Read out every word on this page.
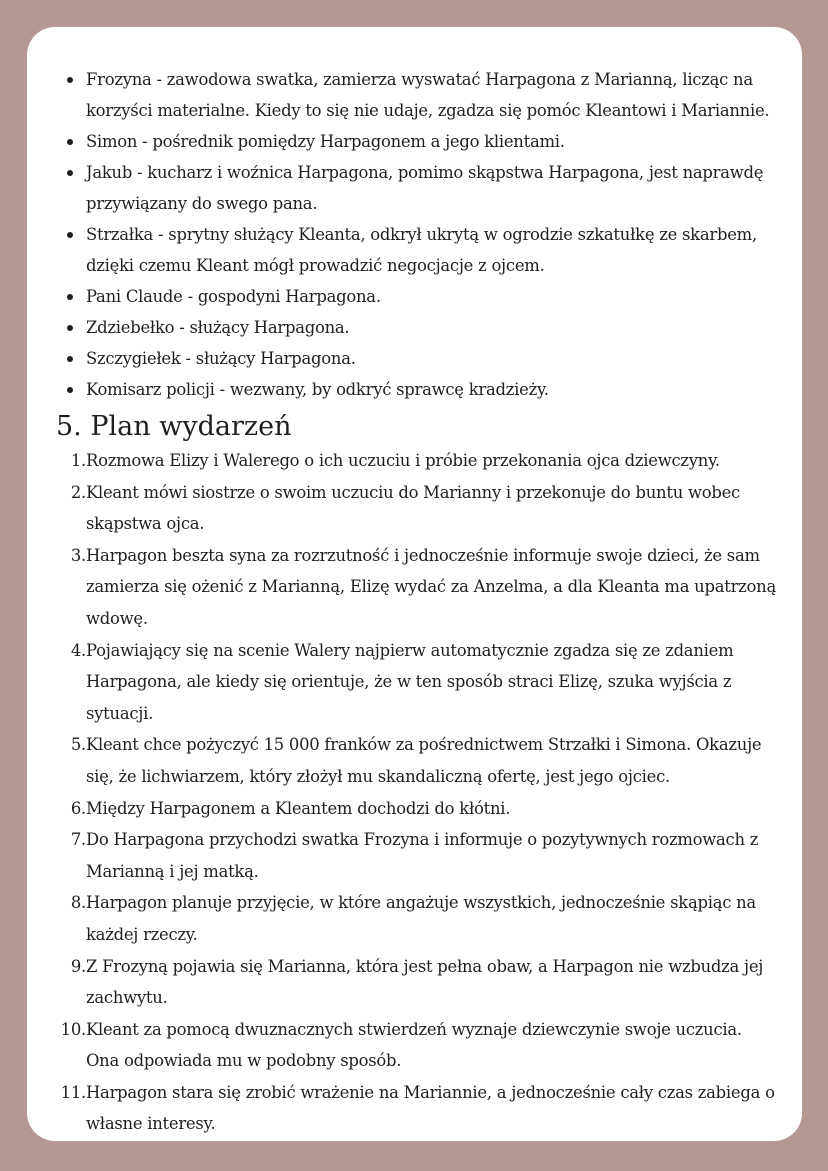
Frozyna - zawodowa swatka, zamierza wyswatać Harpagona z Marianną, licząc na korzyści materialne. Kiedy to się nie udaje, zgadza się pomóc Kleantowi i Mariannie.
Simon - pośrednik pomiędzy Harpagonem a jego klientami.
Jakub - kucharz i woźnica Harpagona, pomimo skąpstwa Harpagona, jest naprawdę przywiązany do swego pana.
Strzałka - sprytny służący Kleanta, odkrył ukrytą w ogrodzie szkatułkę ze skarbem, dzięki czemu Kleant mógł prowadzić negocjacje z ojcem.
Pani Claude - gospodyni Harpagona.
Zdziebełko - służący Harpagona.
Szczygiełek - służący Harpagona.
Komisarz policji - wezwany, by odkryć sprawcę kradzieży.
5. Plan wydarzeń
1. Rozmowa Elizy i Walerego o ich uczuciu i próbie przekonania ojca dziewczyny.
2. Kleant mówi siostrze o swoim uczuciu do Marianny i przekonuje do buntu wobec skąpstwa ojca.
3. Harpagon beszta syna za rozrzutność i jednocześnie informuje swoje dzieci, że sam zamierza się ożenić z Marianną, Elizę wydać za Anzelma, a dla Kleanta ma upatrzoną wdowę.
4. Pojawiający się na scenie Walery najpierw automatycznie zgadza się ze zdaniem Harpagona, ale kiedy się orientuje, że w ten sposób straci Elizę, szuka wyjścia z sytuacji.
5. Kleant chce pożyczyć 15 000 franków za pośrednictwem Strzałki i Simona. Okazuje się, że lichwiarzem, który złożył mu skandaliczną ofertę, jest jego ojciec.
6. Między Harpagonem a Kleantem dochodzi do kłótni.
7. Do Harpagona przychodzi swatka Frozyna i informuje o pozytywnych rozmowach z Marianną i jej matką.
8. Harpagon planuje przyjęcie, w które angażuje wszystkich, jednocześnie skąpiąc na każdej rzeczy.
9. Z Frozyną pojawia się Marianna, która jest pełna obaw, a Harpagon nie wzbudza jej zachwytu.
10. Kleant za pomocą dwuznacznych stwierdzeń wyznaje dziewczynie swoje uczucia. Ona odpowiada mu w podobny sposób.
11. Harpagon stara się zrobić wrażenie na Mariannie, a jednocześnie cały czas zabiega o własne interesy.
